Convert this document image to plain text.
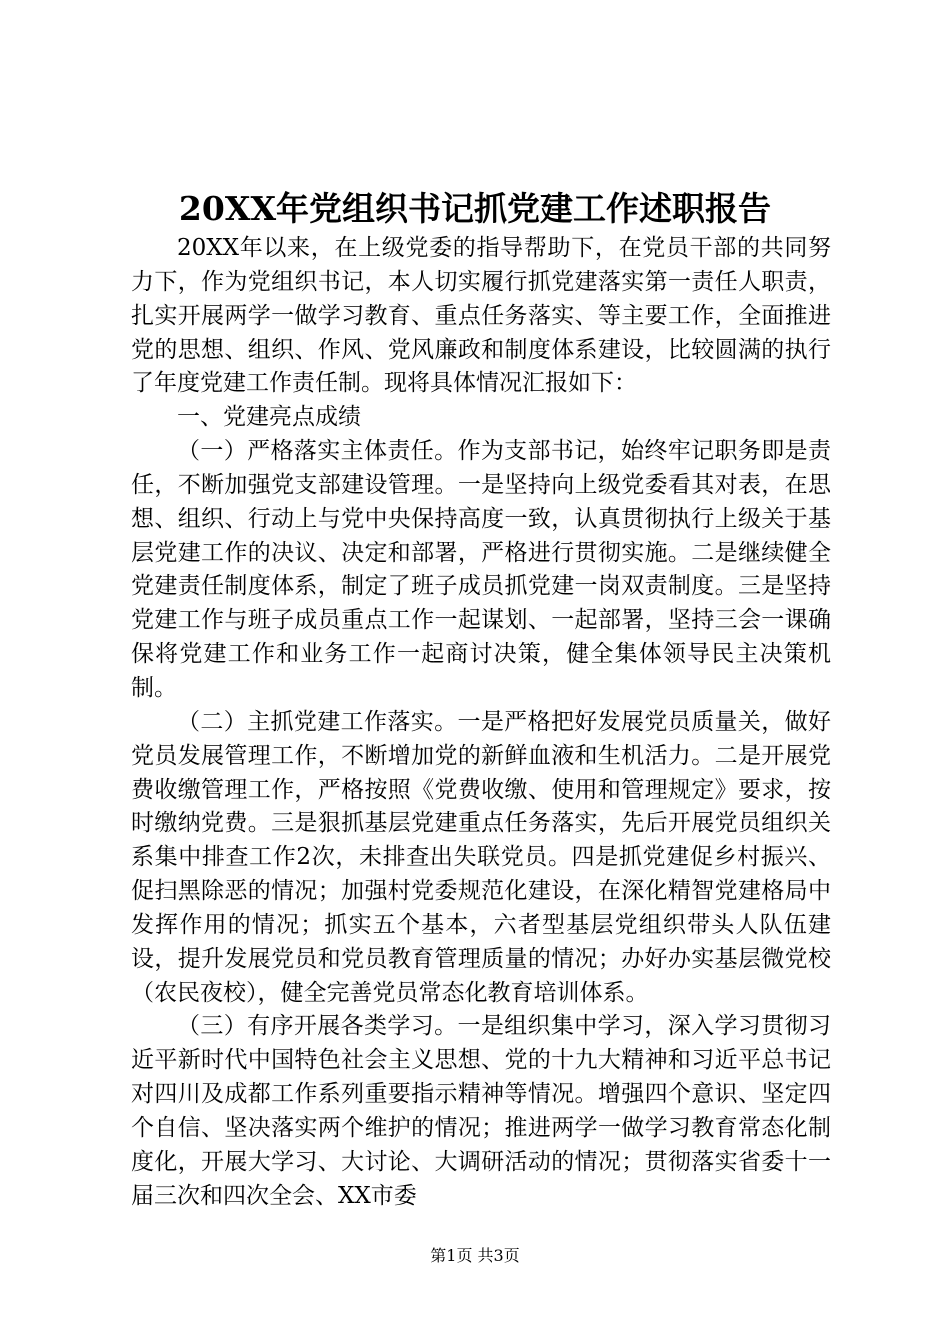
20XX年党组织书记抓党建工作述职报告

20XX年以来，在上级党委的指导帮助下，在党员干部的共同努力下，作为党组织书记，本人切实履行抓党建落实第一责任人职责，扎实开展两学一做学习教育、重点任务落实、等主要工作，全面推进党的思想、组织、作风、党风廉政和制度体系建设，比较圆满的执行了年度党建工作责任制。现将具体情况汇报如下：

一、党建亮点成绩

（一）严格落实主体责任。作为支部书记，始终牢记职务即是责任，不断加强党支部建设管理。一是坚持向上级党委看其对表，在思想、组织、行动上与党中央保持高度一致，认真贯彻执行上级关于基层党建工作的决议、决定和部署，严格进行贯彻实施。二是继续健全党建责任制度体系，制定了班子成员抓党建一岗双责制度。三是坚持党建工作与班子成员重点工作一起谋划、一起部署，坚持三会一课确保将党建工作和业务工作一起商讨决策，健全集体领导民主决策机制。

（二）主抓党建工作落实。一是严格把好发展党员质量关，做好党员发展管理工作，不断增加党的新鲜血液和生机活力。二是开展党费收缴管理工作，严格按照《党费收缴、使用和管理规定》要求，按时缴纳党费。三是狠抓基层党建重点任务落实，先后开展党员组织关系集中排查工作2次，未排查出失联党员。四是抓党建促乡村振兴、促扫黑除恶的情况；加强村党委规范化建设，在深化精智党建格局中发挥作用的情况；抓实五个基本，六者型基层党组织带头人队伍建设，提升发展党员和党员教育管理质量的情况；办好办实基层微党校（农民夜校），健全完善党员常态化教育培训体系。

（三）有序开展各类学习。一是组织集中学习，深入学习贯彻习近平新时代中国特色社会主义思想、党的十九大精神和习近平总书记对四川及成都工作系列重要指示精神等情况。增强四个意识、坚定四个自信、坚决落实两个维护的情况；推进两学一做学习教育常态化制度化，开展大学习、大讨论、大调研活动的情况；贯彻落实省委十一届三次和四次全会、XX市委

第1页 共3页
